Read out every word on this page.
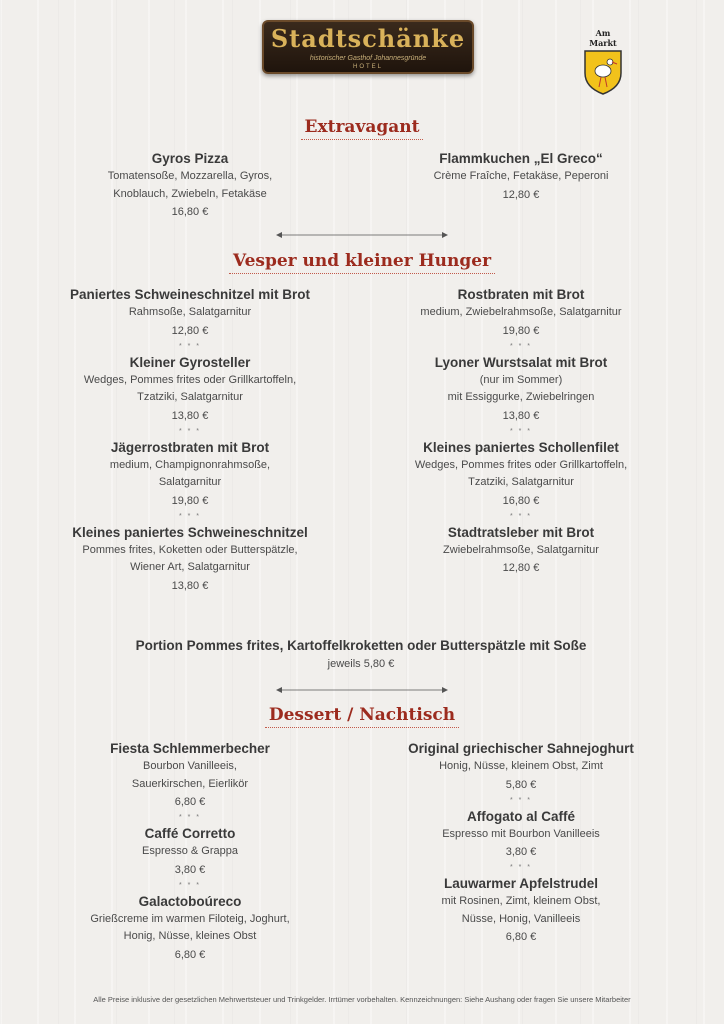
Stadtschänke
historischer Gasthof Johannesgründe
HOTEL
Am Markt
Extravagant

Gyros Pizza

Tomatensoße, Mozzarella, Gyros,

Knoblauch, Zwiebeln, Fetakäse

16,80 €

Flammkuchen „El Greco“

Crème Fraîche, Fetakäse, Peperoni

12,80 €

Vesper und kleiner Hunger

Paniertes Schweineschnitzel mit Brot

Rahmsoße, Salatgarnitur

12,80 €

* * *

Kleiner Gyrosteller

Wedges, Pommes frites oder Grillkartoffeln,

Tzatziki, Salatgarnitur

13,80 €

* * *

Jägerrostbraten mit Brot

medium, Champignonrahmsoße,

Salatgarnitur

19,80 €

* * *

Kleines paniertes Schweineschnitzel

Pommes frites, Koketten oder Butterspätzle,

Wiener Art, Salatgarnitur

13,80 €

Rostbraten mit Brot

medium, Zwiebelrahmsoße, Salatgarnitur

19,80 €

* * *

Lyoner Wurstsalat mit Brot

(nur im Sommer)

mit Essiggurke, Zwiebelringen

13,80 €

* * *

Kleines paniertes Schollenfilet

Wedges, Pommes frites oder Grillkartoffeln,

Tzatziki, Salatgarnitur

16,80 €

* * *

Stadtratsleber mit Brot

Zwiebelrahmsoße, Salatgarnitur

12,80 €

Portion Pommes frites, Kartoffelkroketten oder Butterspätzle mit Soße

jeweils 5,80 €

Dessert / Nachtisch

Fiesta Schlemmerbecher

Bourbon Vanilleeis,

Sauerkirschen, Eierlikör

6,80 €

* * *

Caffé Corretto

Espresso & Grappa

3,80 €

* * *

Galactoboúreco

Grießcreme im warmen Filoteig, Joghurt,

Honig, Nüsse, kleines Obst

6,80 €

Original griechischer Sahnejoghurt

Honig, Nüsse, kleinem Obst, Zimt

5,80 €

* * *

Affogato al Caffé

Espresso mit Bourbon Vanilleeis

3,80 €

* * *

Lauwarmer Apfelstrudel

mit Rosinen, Zimt, kleinem Obst,

Nüsse, Honig, Vanilleeis

6,80 €

Alle Preise inklusive der gesetzlichen Mehrwertsteuer und Trinkgelder. Irrtümer vorbehalten. Kennzeichnungen: Siehe Aushang oder fragen Sie unsere Mitarbeiter
